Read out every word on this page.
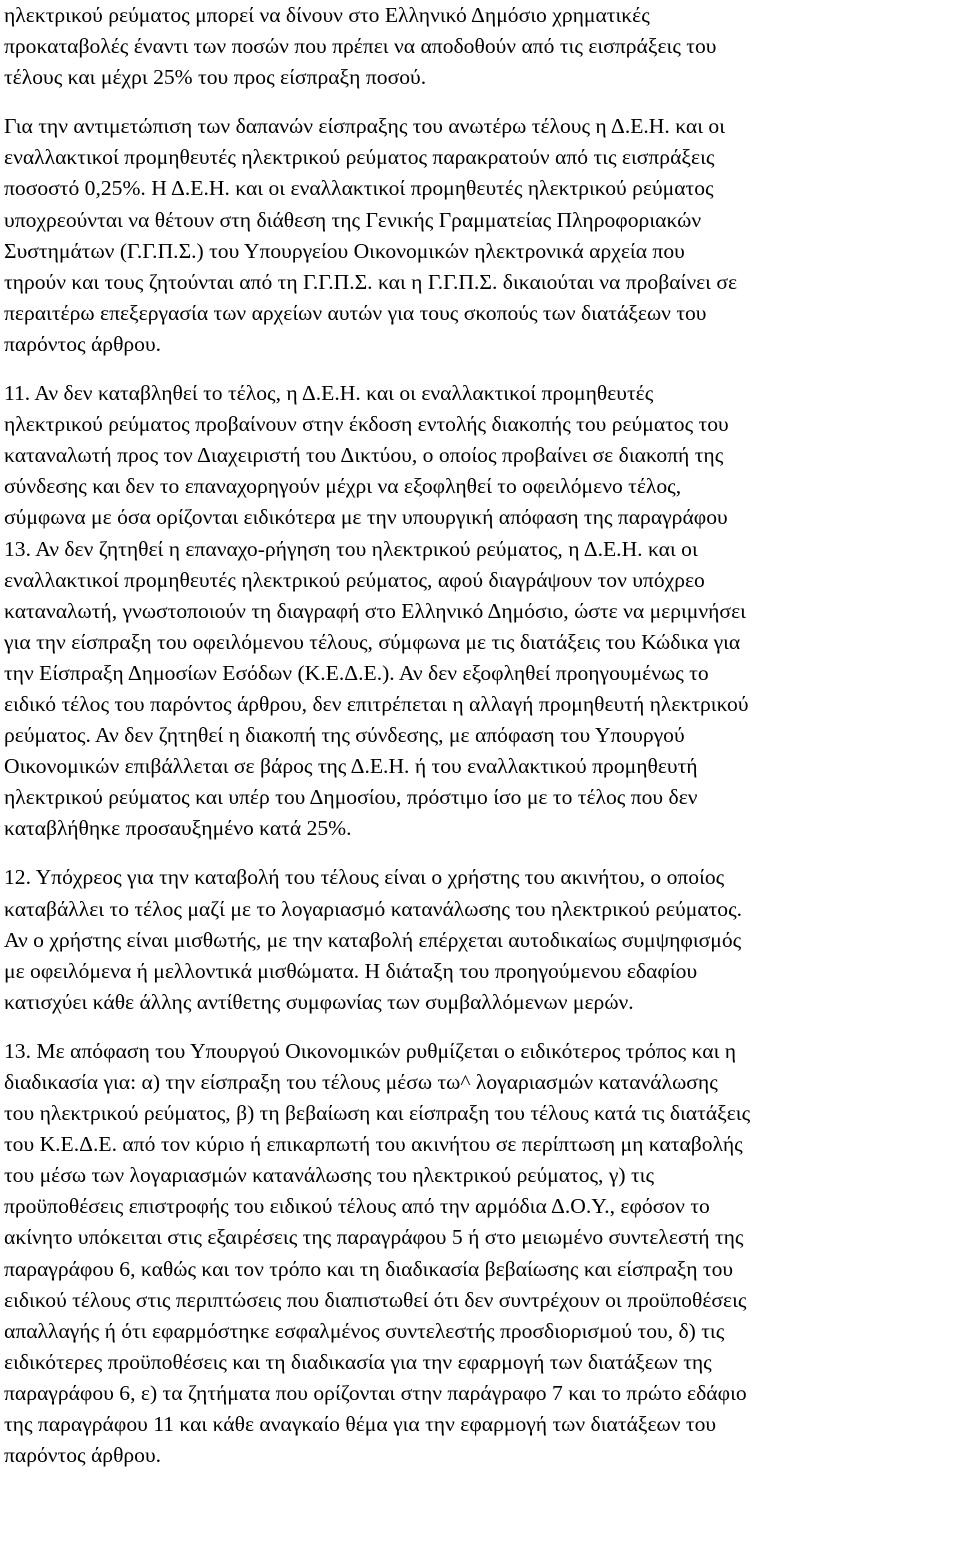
ηλεκτρικού ρεύματος μπορεί να δίνουν στο Ελληνικό Δημόσιο χρηματικές
προκαταβολές έναντι των ποσών που πρέπει να αποδοθούν από τις εισπράξεις του
τέλους και μέχρι 25% του προς είσπραξη ποσού.

Για την αντιμετώπιση των δαπανών είσπραξης του ανωτέρω τέλους η Δ.Ε.Η. και οι
εναλλακτικοί προμηθευτές ηλεκτρικού ρεύματος παρακρατούν από τις εισπράξεις
ποσοστό 0,25%. Η Δ.Ε.Η. και οι εναλλακτικοί προμηθευτές ηλεκτρικού ρεύματος
υποχρεούνται να θέτουν στη διάθεση της Γενικής Γραμματείας Πληροφοριακών
Συστημάτων (Γ.Γ.Π.Σ.) του Υπουργείου Οικονομικών ηλεκτρονικά αρχεία που
τηρούν και τους ζητούνται από τη Γ.Γ.Π.Σ. και η Γ.Γ.Π.Σ. δικαιούται να προβαίνει σε
περαιτέρω επεξεργασία των αρχείων αυτών για τους σκοπούς των διατάξεων του
παρόντος άρθρου.

11. Αν δεν καταβληθεί το τέλος, η Δ.Ε.Η. και οι εναλλακτικοί προμηθευτές
ηλεκτρικού ρεύματος προβαίνουν στην έκδοση εντολής διακοπής του ρεύματος του
καταναλωτή προς τον Διαχειριστή του Δικτύου, ο οποίος προβαίνει σε διακοπή της
σύνδεσης και δεν το επαναχορηγούν μέχρι να εξοφληθεί το οφειλόμενο τέλος,
σύμφωνα με όσα ορίζονται ειδικότερα με την υπουργική απόφαση της παραγράφου
13. Αν δεν ζητηθεί η επαναχο-ρήγηση του ηλεκτρικού ρεύματος, η Δ.Ε.Η. και οι
εναλλακτικοί προμηθευτές ηλεκτρικού ρεύματος, αφού διαγράψουν τον υπόχρεο
καταναλωτή, γνωστοποιούν τη διαγραφή στο Ελληνικό Δημόσιο, ώστε να μεριμνήσει
για την είσπραξη του οφειλόμενου τέλους, σύμφωνα με τις διατάξεις του Κώδικα για
την Είσπραξη Δημοσίων Εσόδων (Κ.Ε.Δ.Ε.). Αν δεν εξοφληθεί προηγουμένως το
ειδικό τέλος του παρόντος άρθρου, δεν επιτρέπεται η αλλαγή προμηθευτή ηλεκτρικού
ρεύματος. Αν δεν ζητηθεί η διακοπή της σύνδεσης, με απόφαση του Υπουργού
Οικονομικών επιβάλλεται σε βάρος της Δ.Ε.Η. ή του εναλλακτικού προμηθευτή
ηλεκτρικού ρεύματος και υπέρ του Δημοσίου, πρόστιμο ίσο με το τέλος που δεν
καταβλήθηκε προσαυξημένο κατά 25%.

12. Υπόχρεος για την καταβολή του τέλους είναι ο χρήστης του ακινήτου, ο οποίος
καταβάλλει το τέλος μαζί με το λογαριασμό κατανάλωσης του ηλεκτρικού ρεύματος.
Αν ο χρήστης είναι μισθωτής, με την καταβολή επέρχεται αυτοδικαίως συμψηφισμός
με οφειλόμενα ή μελλοντικά μισθώματα. Η διάταξη του προηγούμενου εδαφίου
κατισχύει κάθε άλλης αντίθετης συμφωνίας των συμβαλλόμενων μερών.

13. Με απόφαση του Υπουργού Οικονομικών ρυθμίζεται ο ειδικότερος τρόπος και η
διαδικασία για: α) την είσπραξη του τέλους μέσω τω^ λογαριασμών κατανάλωσης
του ηλεκτρικού ρεύματος, β) τη βεβαίωση και είσπραξη του τέλους κατά τις διατάξεις
του Κ.Ε.Δ.Ε. από τον κύριο ή επικαρπωτή του ακινήτου σε περίπτωση μη καταβολής
του μέσω των λογαριασμών κατανάλωσης του ηλεκτρικού ρεύματος, γ) τις
προϋποθέσεις επιστροφής του ειδικού τέλους από την αρμόδια Δ.Ο.Υ., εφόσον το
ακίνητο υπόκειται στις εξαιρέσεις της παραγράφου 5 ή στο μειωμένο συντελεστή της
παραγράφου 6, καθώς και τον τρόπο και τη διαδικασία βεβαίωσης και είσπραξη του
ειδικού τέλους στις περιπτώσεις που διαπιστωθεί ότι δεν συντρέχουν οι προϋποθέσεις
απαλλαγής ή ότι εφαρμόστηκε εσφαλμένος συντελεστής προσδιορισμού του, δ) τις
ειδικότερες προϋποθέσεις και τη διαδικασία για την εφαρμογή των διατάξεων της
παραγράφου 6, ε) τα ζητήματα που ορίζονται στην παράγραφο 7 και το πρώτο εδάφιο
της παραγράφου 11 και κάθε αναγκαίο θέμα για την εφαρμογή των διατάξεων του
παρόντος άρθρου.
